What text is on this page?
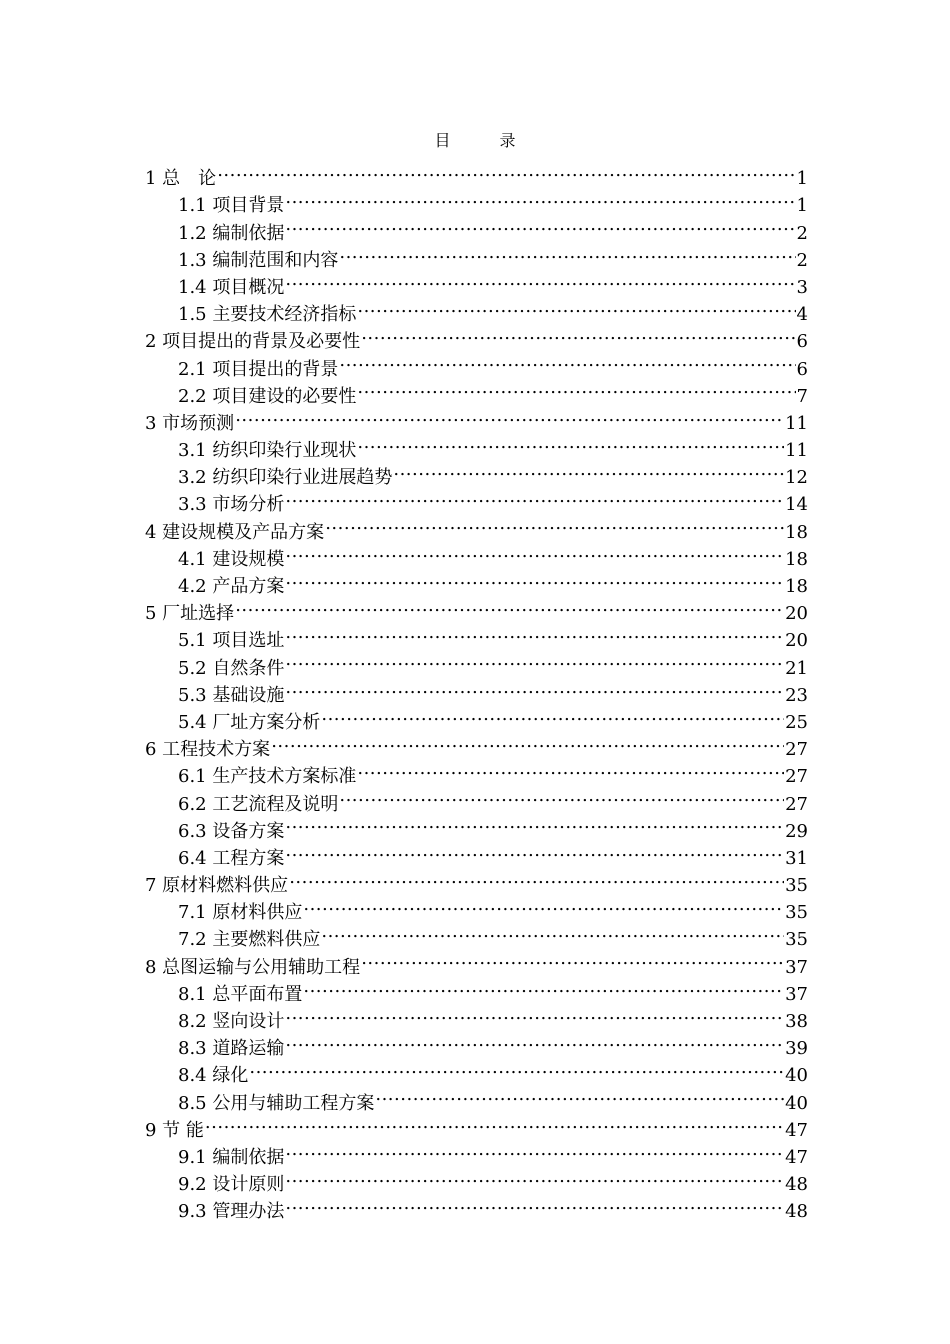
目 录
1 总　论 .....	1
1.1 项目背景 .....	1
1.2 编制依据 .....	2
1.3 编制范围和内容 .....	2
1.4 项目概况 .....	3
1.5 主要技术经济指标 .....	4
2 项目提出的背景及必要性 .....	6
2.1 项目提出的背景 .....	6
2.2 项目建设的必要性 .....	7
3 市场预测 .....	11
3.1 纺织印染行业现状 .....	11
3.2 纺织印染行业进展趋势 .....	12
3.3 市场分析 .....	14
4 建设规模及产品方案 .....	18
4.1 建设规模 .....	18
4.2 产品方案 .....	18
5 厂址选择 .....	20
5.1 项目选址 .....	20
5.2 自然条件 .....	21
5.3 基础设施 .....	23
5.4 厂址方案分析 .....	25
6 工程技术方案 .....	27
6.1 生产技术方案标准 .....	27
6.2 工艺流程及说明 .....	27
6.3 设备方案 .....	29
6.4 工程方案 .....	31
7 原材料燃料供应 .....	35
7.1 原材料供应 .....	35
7.2 主要燃料供应 .....	35
8 总图运输与公用辅助工程 .....	37
8.1 总平面布置 .....	37
8.2 竖向设计 .....	38
8.3 道路运输 .....	39
8.4 绿化 .....	40
8.5 公用与辅助工程方案 .....	40
9 节 能 .....	47
9.1 编制依据 .....	47
9.2 设计原则 .....	48
9.3 管理办法 .....	48
